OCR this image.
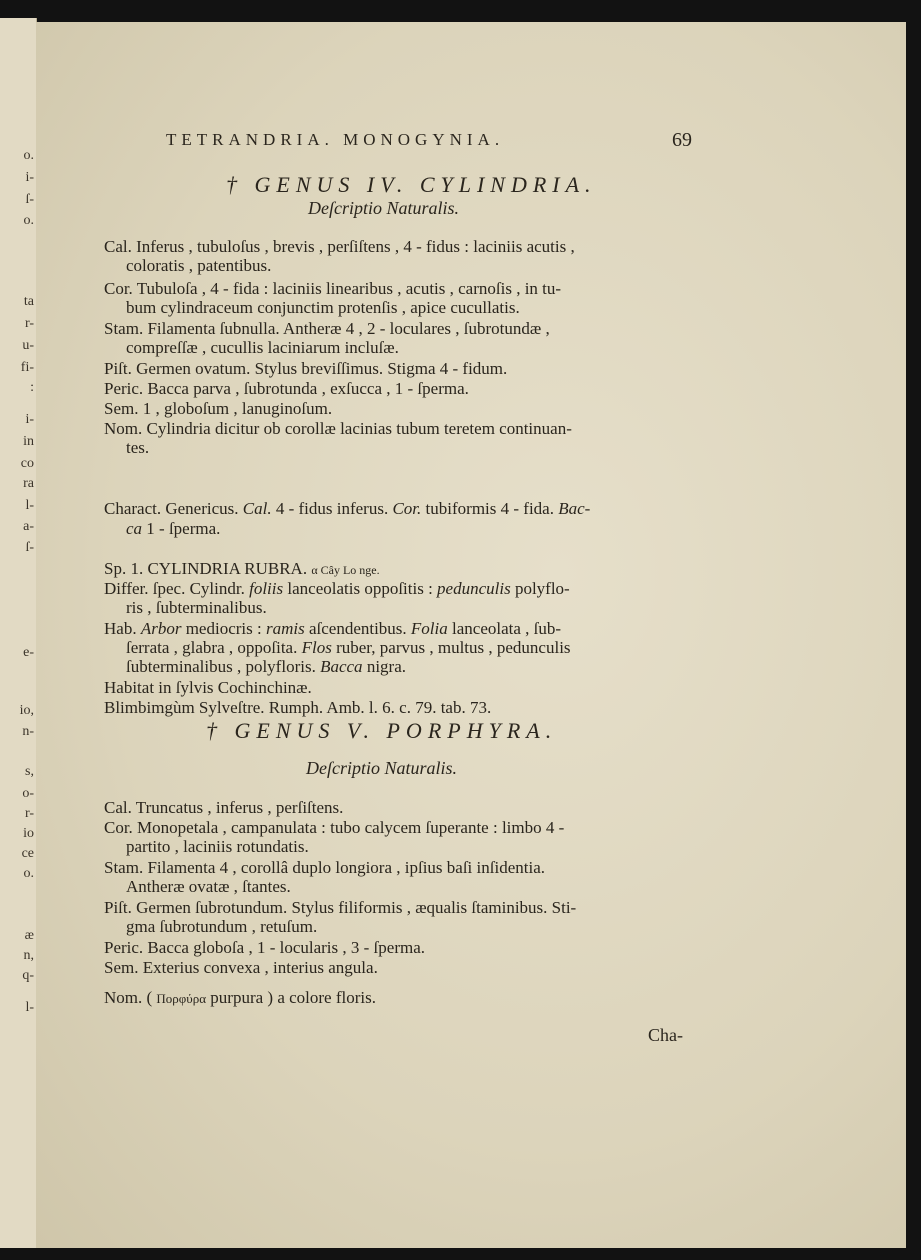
o.
i-
ſ-
o.
ta
r-
u-
fi-
:
i-
in
co
ra
l-
a-
ſ-
e-
io,
n-
s,
o-
r-
io
ce
o.
æ
n,
q-
l-
TETRANDRIA. MONOGYNIA.	69
† GENUS IV. CYLINDRIA.
Deſcriptio Naturalis.
Cal. Inferus , tubuloſus , brevis , perſiſtens , 4 - fidus : laciniis acutis ,
coloratis , patentibus.
Cor. Tubuloſa , 4 - fida : laciniis linearibus , acutis , carnoſis , in tu-
bum cylindraceum conjunctim protenſis , apice cucullatis.
Stam. Filamenta ſubnulla. Antheræ 4 , 2 - loculares , ſubrotundæ ,
compreſſæ , cucullis laciniarum incluſæ.
Piſt. Germen ovatum. Stylus breviſſimus. Stigma 4 - fidum.
Peric. Bacca parva , ſubrotunda , exſucca , 1 - ſperma.
Sem. 1 , globoſum , lanuginoſum.
Nom. Cylindria dicitur ob corollæ lacinias tubum teretem continuan-
tes.
Charact. Genericus. Cal. 4 - fidus inferus. Cor. tubiformis 4 - fida. Bac-
ca 1 - ſperma.
Sp. 1. CYLINDRIA RUBRA. α Cây Lo nge.
Differ. ſpec. Cylindr. foliis lanceolatis oppoſitis : pedunculis polyflo-
ris , ſubterminalibus.
Hab. Arbor mediocris : ramis aſcendentibus. Folia lanceolata , ſub-
ſerrata , glabra , oppoſita. Flos ruber, parvus , multus , pedunculis
ſubterminalibus , polyfloris. Bacca nigra.
Habitat in ſylvis Cochinchinæ.
Blimbimgùm Sylveſtre. Rumph. Amb. l. 6. c. 79. tab. 73.
† GENUS V. PORPHYRA.
Deſcriptio Naturalis.
Cal. Truncatus , inferus , perſiſtens.
Cor. Monopetala , campanulata : tubo calycem ſuperante : limbo 4 -
partito , laciniis rotundatis.
Stam. Filamenta 4 , corollâ duplo longiora , ipſius baſi inſidentia.
Antheræ ovatæ , ſtantes.
Piſt. Germen ſubrotundum. Stylus filiformis , æqualis ſtaminibus. Sti-
gma ſubrotundum , retuſum.
Peric. Bacca globoſa , 1 - locularis , 3 - ſperma.
Sem. Exterius convexa , interius angula.
Nom. ( Πορφύρα purpura ) a colore floris.
Cha-
